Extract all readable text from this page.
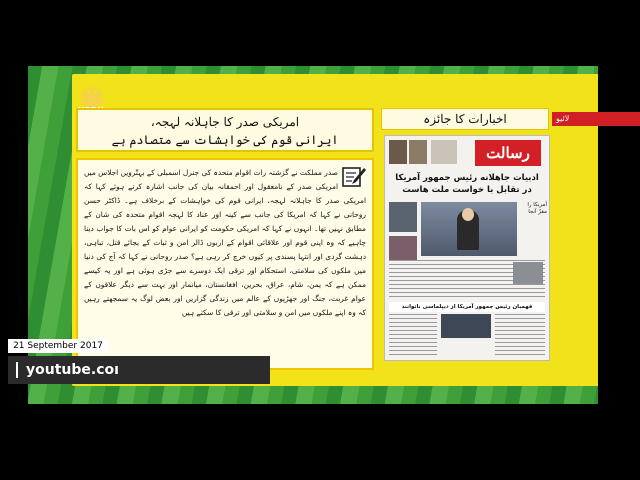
امریکی صدر کا جاہلانہ لہجہ،
ایرانی قوم کی خواہشات سے متصادم ہے

صدر مملکت نے گزشتہ رات اقوام متحدہ کی جنرل اسمبلی کے بہتّرویں اجلاس میں امریکی صدر کے نامعقول اور احمقانہ بیان کی جانب اشارہ کرتے ہوئے کہا کہ امریکی صدر کا جاہلانہ لہجہ، ایرانی قوم کی خواہشات کے برخلاف ہے۔ ڈاکٹر حسن روحانی نے کہا کہ امریکا کی جانب سے کینہ اور عناد کا لہجہ اقوام متحدہ کی شان کے مطابق نہیں تھا۔ انہوں نے کہا کہ امریکی حکومت کو ایرانی عوام کو اس بات کا جواب دینا چاہیے کہ وہ اپنی قوم اور علاقائی اقوام کے اربوں ڈالر امن و ثبات کے بجائے قتل، تباہی، دہشت گردی اور انتہا پسندی پر کیوں خرچ کر رہی ہے؟ صدر روحانی نے کہا کہ آج کی دنیا میں ملکوں کی سلامتی، استحکام اور ترقی ایک دوسرے سے جڑی ہوئی ہے اور یہ کیسے ممکن ہے کہ یمن، شام، عراق، بحرین، افغانستان، میانمار اور بہت سے دیگر علاقوں کے عوام غربت، جنگ اور جھڑپوں کے عالم میں زندگی گزاریں اور بعض لوگ یہ سمجھتے رہیں کہ وہ اپنے ملکوں میں امن و سلامتی اور ترقی کا سکتے ہیں

اخبارات کا جائزہ	لائیو
رسالت
ادبیات جاهلانه رئیس جمهور آمریکا
در تقابل با خواست ملت هاست
آمریکا را مقرّ آنجا
فهمبان رئیس جمهور آمریکا از دیپلماسی ناتوانند
21 September 2017
youtube.coı
